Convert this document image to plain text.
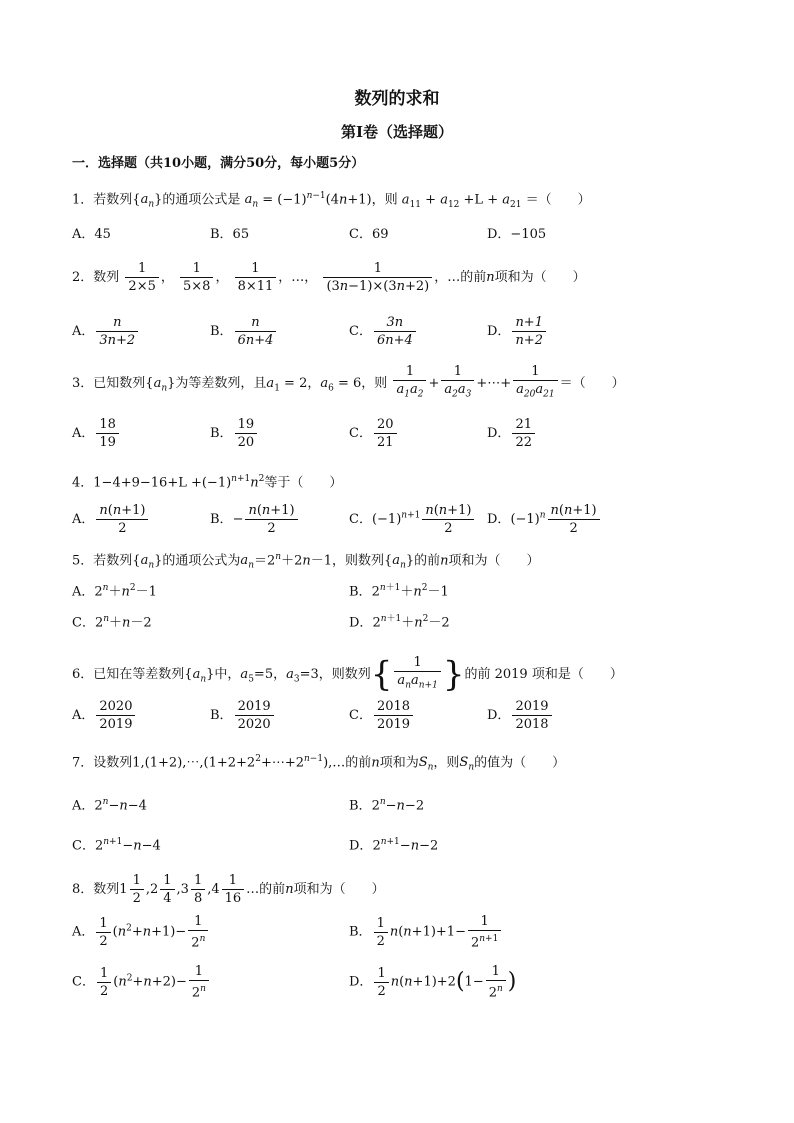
数列的求和
第Ⅰ卷（选择题）
一．选择题（共10小题，满分50分，每小题5分）
1．若数列$\{a_n\}$的通项公式是 $a_n = (-1)^{n-1}(4n+1)$，则 $a_{11} + a_{12} +L + a_{21}$ ＝（　　）
A．45	B．65	C．69	D．−105
2．数列 $\frac{1}{2\times 5}$ ， $\frac{1}{5\times 8}$ ， $\frac{1}{8\times 11}$ ，…， $\frac{1}{(3n-1)\times(3n+2)}$ ，…的前n项和为（　　）
A． $\frac{n}{3n+2}$	B． $\frac{n}{6n+4}$	C． $\frac{3n}{6n+4}$	D． $\frac{n+1}{n+2}$
3．已知数列$\{a_n\}$为等差数列，且$a_1 = 2$，$a_6 = 6$，则 $\frac{1}{a_1a_2} + \frac{1}{a_2a_3}$ +⋯+ $\frac{1}{a_{20}a_{21}}$ ＝（　　）
A． $\frac{18}{19}$	B． $\frac{19}{20}$	C． $\frac{20}{21}$	D． $\frac{21}{22}$
4．$1-4+9-16+L +(-1)^{n+1}n^2$等于（　　）
A． $\frac{n(n+1)}{2}$	B．− $\frac{n(n+1)}{2}$	C．$(-1)^{n+1} \frac{n(n+1)}{2}$ D．$(-1)^n \frac{n(n+1)}{2}$
5．若数列$\{a_n\}$的通项公式为$a_n=2^n+2n-1$，则数列$\{a_n\}$的前n项和为（　　）
A．$2^n+n^2-1$	B．$2^{n+1}+n^2-1$
C．$2^n+n-2$	D．$2^{n+1}+n^2-2$
6．已知在等差数列$\{a_n\}$中，$a_5=5$，$a_3=3$，则数列{ $\frac{1}{a_na_{n+1}}$ }的前 2019 项和是（　　）
A． $\frac{2020}{2019}$	B． $\frac{2019}{2020}$	C． $\frac{2018}{2019}$	D． $\frac{2019}{2018}$
7．设数列$1,(1+2),\cdots,(1+2+2^2+\cdots+2^{n-1}),\dots$的前n项和为$S_n$，则$S_n$的值为（　　）
A．$2^n-n-4$	B．$2^n-n-2$
C．$2^{n+1}-n-4$	D．$2^{n+1}-n-2$
8．数列$1 \frac{1}{2} ,2 \frac{1}{4} ,3 \frac{1}{8} ,4 \frac{1}{16}$ …的前n项和为（　　）
A． $\frac{1}{2} (n^2+n+1)- \frac{1}{2^n}$	B． $\frac{1}{2} n(n+1)+1- \frac{1}{2^{n+1}}$
C． $\frac{1}{2} (n^2+n+2)- \frac{1}{2^n}$	D． $\frac{1}{2} n(n+1)+2(1- \frac{1}{2^n}$ )
